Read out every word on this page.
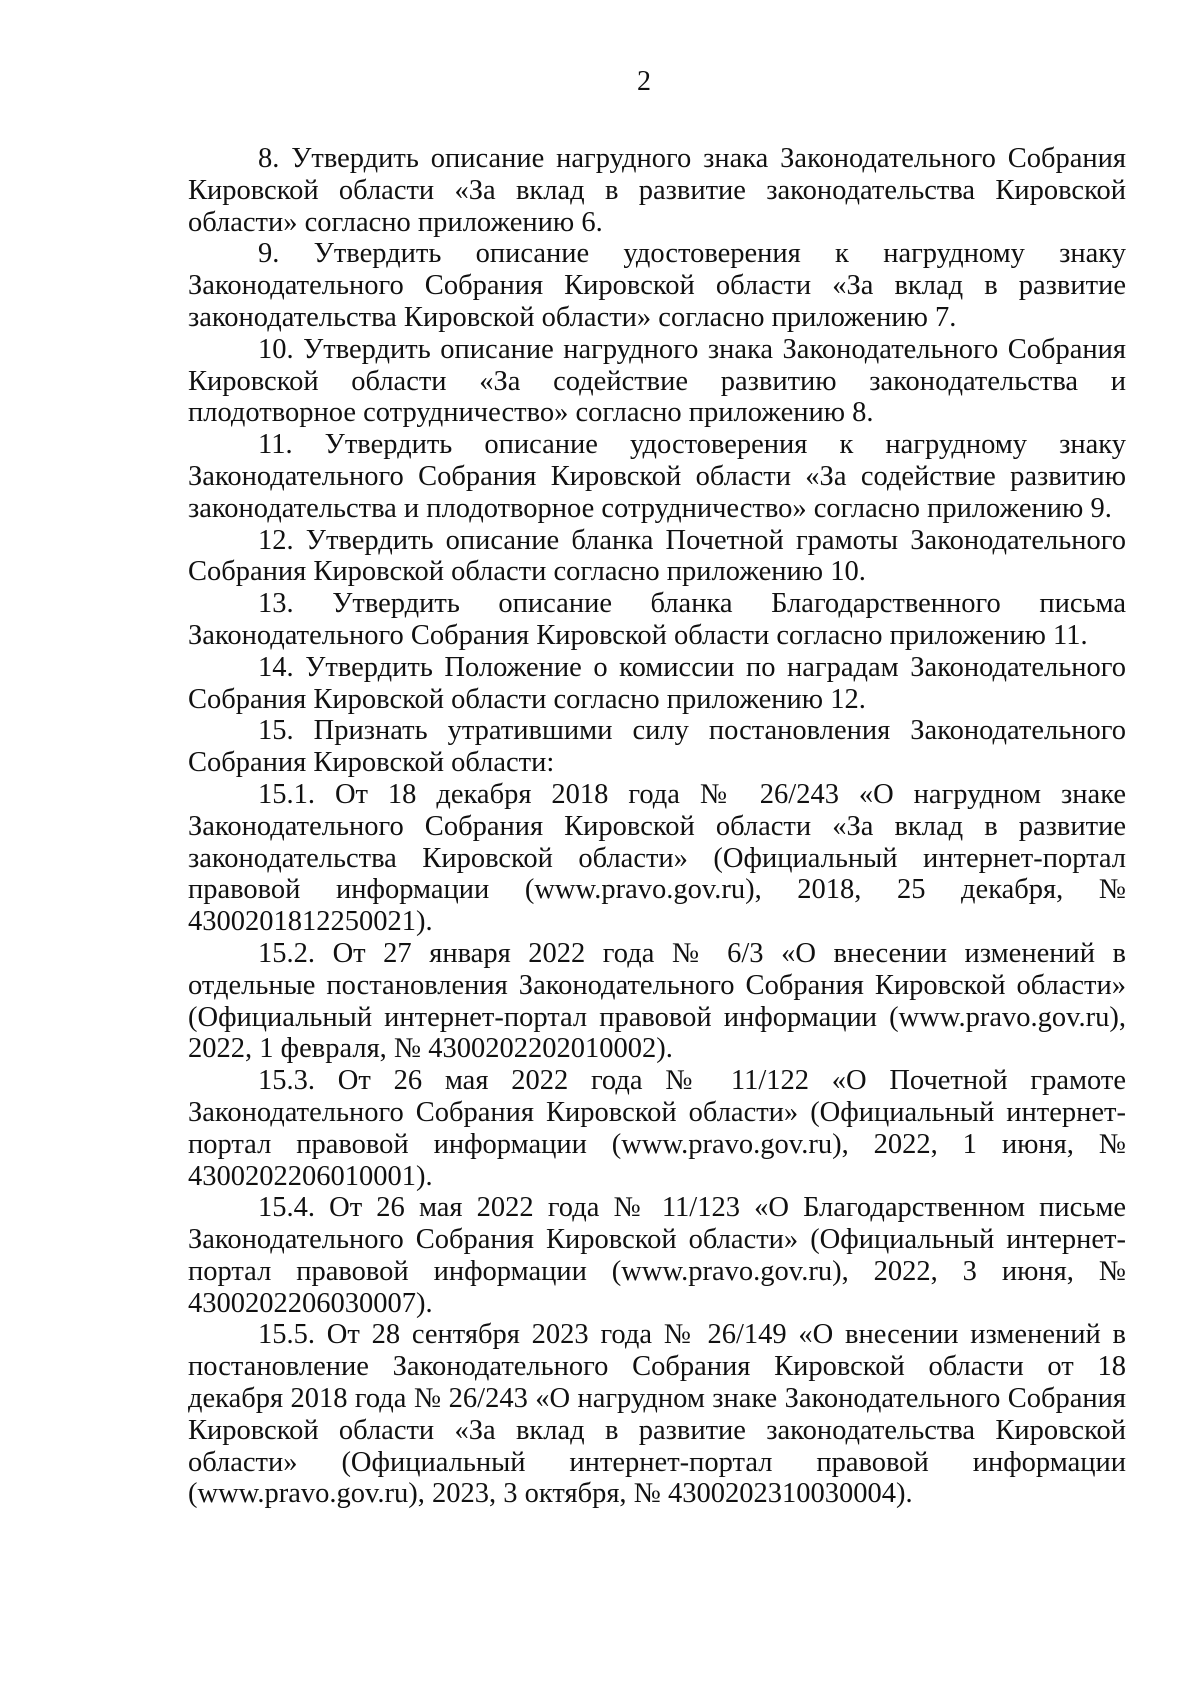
2

8. Утвердить описание нагрудного знака Законодательного Собрания Кировской области «За вклад в развитие законодательства Кировской области» согласно приложению 6.

9. Утвердить описание удостоверения к нагрудному знаку Законодательного Собрания Кировской области «За вклад в развитие законодательства Кировской области» согласно приложению 7.

10. Утвердить описание нагрудного знака Законодательного Собрания Кировской области «За содействие развитию законодательства и плодотворное сотрудничество» согласно приложению 8.

11. Утвердить описание удостоверения к нагрудному знаку Законодательного Собрания Кировской области «За содействие развитию законодательства и плодотворное сотрудничество» согласно приложению 9.

12. Утвердить описание бланка Почетной грамоты Законодательного Собрания Кировской области согласно приложению 10.

13. Утвердить описание бланка Благодарственного письма Законодательного Собрания Кировской области согласно приложению 11.

14. Утвердить Положение о комиссии по наградам Законодательного Собрания Кировской области согласно приложению 12.

15. Признать утратившими силу постановления Законодательного Собрания Кировской области:

15.1. От 18 декабря 2018 года № 26/243 «О нагрудном знаке Законодательного Собрания Кировской области «За вклад в развитие законодательства Кировской области» (Официальный интернет-портал правовой информации (www.pravo.gov.ru), 2018, 25 декабря, № 4300201812250021).

15.2. От 27 января 2022 года № 6/3 «О внесении изменений в отдельные постановления Законодательного Собрания Кировской области» (Официальный интернет-портал правовой информации (www.pravo.gov.ru), 2022, 1 февраля, № 4300202202010002).

15.3. От 26 мая 2022 года № 11/122 «О Почетной грамоте Законодательного Собрания Кировской области» (Официальный интернет-портал правовой информации (www.pravo.gov.ru), 2022, 1 июня, № 4300202206010001).

15.4. От 26 мая 2022 года № 11/123 «О Благодарственном письме Законодательного Собрания Кировской области» (Официальный интернет-портал правовой информации (www.pravo.gov.ru), 2022, 3 июня, № 4300202206030007).

15.5. От 28 сентября 2023 года № 26/149 «О внесении изменений в постановление Законодательного Собрания Кировской области от 18 декабря 2018 года № 26/243 «О нагрудном знаке Законодательного Собрания Кировской области «За вклад в развитие законодательства Кировской области» (Официальный интернет-портал правовой информации (www.pravo.gov.ru), 2023, 3 октября, № 4300202310030004).
